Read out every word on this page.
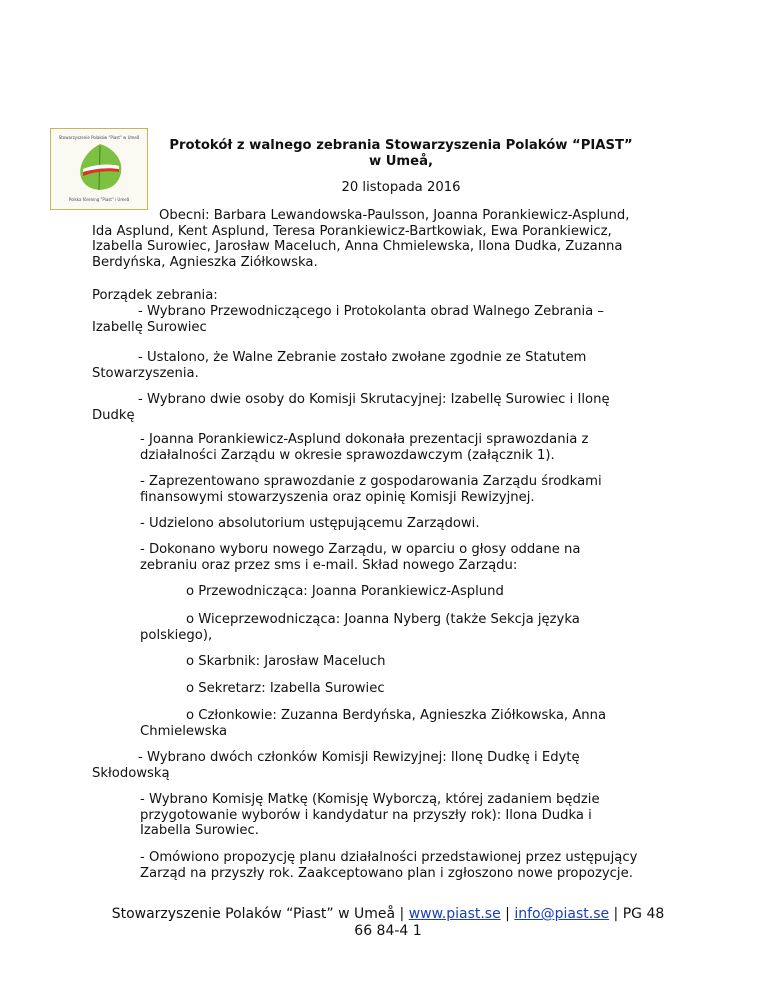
Stowarzyszenie Polaków "Piast" w Umeå
Polska förening "Piast" i Umeå
Protokół z walnego zebrania Stowarzyszenia Polaków “PIAST”
w Umeå,
20 listopada 2016
Obecni: Barbara Lewandowska-Paulsson, Joanna Porankiewicz-Asplund,
Ida Asplund, Kent Asplund, Teresa Porankiewicz-Bartkowiak, Ewa Porankiewicz,
Izabella Surowiec, Jarosław Maceluch, Anna Chmielewska, Ilona Dudka, Zuzanna
Berdyńska, Agnieszka Ziółkowska.
Porządek zebrania:
- Wybrano Przewodniczącego i Protokolanta obrad Walnego Zebrania –
Izabellę Surowiec
- Ustalono, że Walne Zebranie zostało zwołane zgodnie ze Statutem
Stowarzyszenia.
- Wybrano dwie osoby do Komisji Skrutacyjnej: Izabellę Surowiec i Ilonę
Dudkę
- Joanna Porankiewicz-Asplund dokonała prezentacji sprawozdania z
działalności Zarządu w okresie sprawozdawczym (załącznik 1).
- Zaprezentowano sprawozdanie z gospodarowania Zarządu środkami
finansowymi stowarzyszenia oraz opinię Komisji Rewizyjnej.
- Udzielono absolutorium ustępującemu Zarządowi.
- Dokonano wyboru nowego Zarządu, w oparciu o głosy oddane na
zebraniu oraz przez sms i e-mail. Skład nowego Zarządu:
o Przewodnicząca: Joanna Porankiewicz-Asplund
o Wiceprzewodnicząca: Joanna Nyberg (także Sekcja języka
polskiego),
o Skarbnik: Jarosław Maceluch
o Sekretarz: Izabella Surowiec
o Członkowie: Zuzanna Berdyńska, Agnieszka Ziółkowska, Anna
Chmielewska
- Wybrano dwóch członków Komisji Rewizyjnej: Ilonę Dudkę i Edytę
Skłodowską
- Wybrano Komisję Matkę (Komisję Wyborczą, której zadaniem będzie
przygotowanie wyborów i kandydatur na przyszły rok): Ilona Dudka i
Izabella Surowiec.
- Omówiono propozycję planu działalności przedstawionej przez ustępujący
Zarząd na przyszły rok. Zaakceptowano plan i zgłoszono nowe propozycje.
Stowarzyszenie Polaków “Piast” w Umeå | www.piast.se | info@piast.se | PG 48
66 84-4 1
